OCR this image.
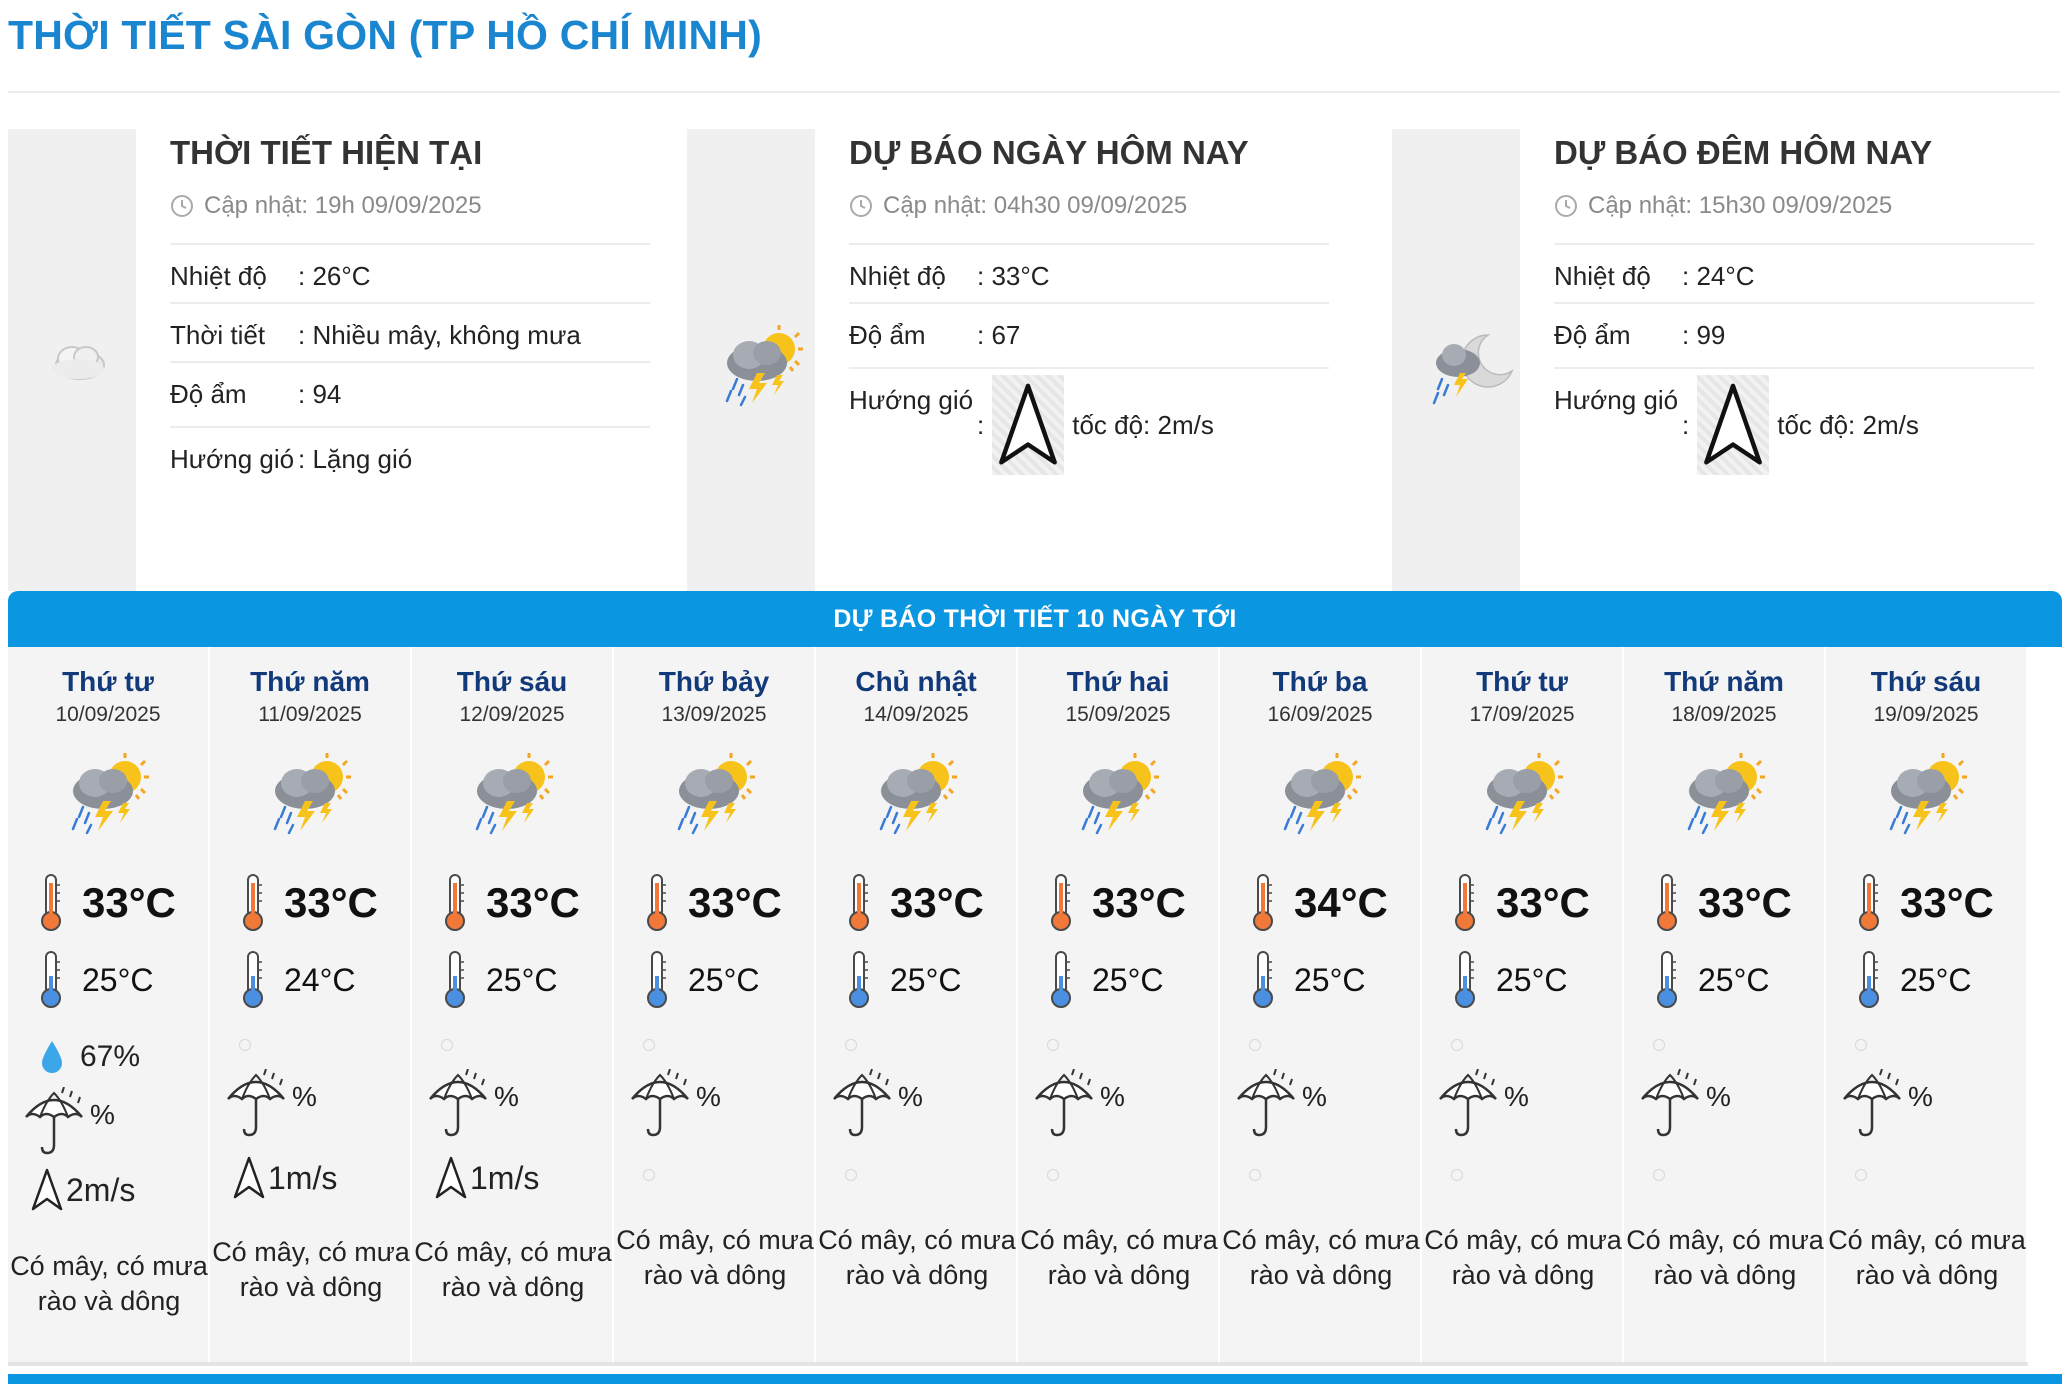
THỜI TIẾT SÀI GÒN (TP HỒ CHÍ MINH)
THỜI TIẾT HIỆN TẠI
Cập nhật: 19h 09/09/2025
Nhiệt độ	: 26°C
Thời tiết	: Nhiều mây, không mưa
Độ ẩm	: 94
Hướng gió : Lặng gió
DỰ BÁO NGÀY HÔM NAY
Cập nhật: 04h30 09/09/2025
Nhiệt độ	: 33°C
Độ ẩm	: 67
Hướng gió
:	tốc độ: 2m/s
DỰ BÁO ĐÊM HÔM NAY
Cập nhật: 15h30 09/09/2025
Nhiệt độ	: 24°C
Độ ẩm	: 99
Hướng gió
:	tốc độ: 2m/s
DỰ BÁO THỜI TIẾT 10 NGÀY TỚI
Thứ tư
10/09/2025
33°C
25°C
67%
%
2m/s
Có mây, có mưa rào và dông
Thứ năm
11/09/2025
33°C
24°C
%
1m/s
Có mây, có mưa rào và dông
Thứ sáu
12/09/2025
33°C
25°C
%
1m/s
Có mây, có mưa rào và dông
Thứ bảy
13/09/2025
33°C
25°C
%
Có mây, có mưa rào và dông
Chủ nhật
14/09/2025
33°C
25°C
%
Có mây, có mưa rào và dông
Thứ hai
15/09/2025
33°C
25°C
%
Có mây, có mưa rào và dông
Thứ ba
16/09/2025
34°C
25°C
%
Có mây, có mưa rào và dông
Thứ tư
17/09/2025
33°C
25°C
%
Có mây, có mưa rào và dông
Thứ năm
18/09/2025
33°C
25°C
%
Có mây, có mưa rào và dông
Thứ sáu
19/09/2025
33°C
25°C
%
Có mây, có mưa rào và dông
